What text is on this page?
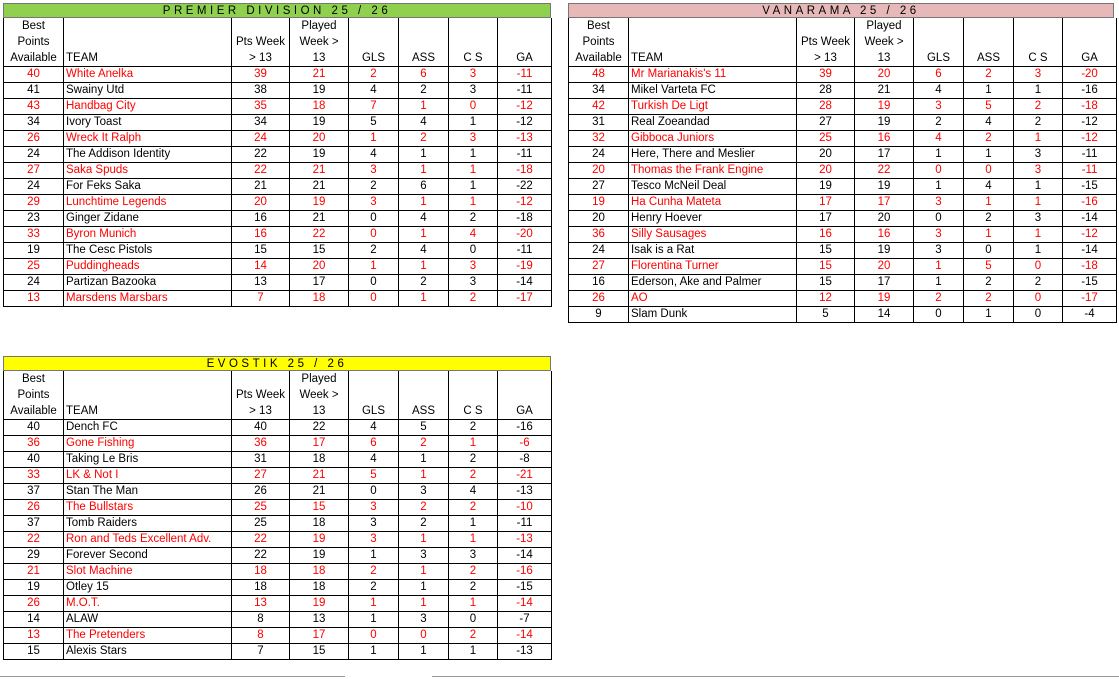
PREMIER DIVISION 25 / 26
Best			Played				
Points		Pts Week	Week >				
Available	TEAM	> 13	13	GLS	ASS	C S	GA
40	White Anelka	39	21	2	6	3	-11
41	Swainy Utd	38	19	4	2	3	-11
43	Handbag City	35	18	7	1	0	-12
34	Ivory Toast	34	19	5	4	1	-12
26	Wreck It Ralph	24	20	1	2	3	-13
24	The Addison Identity	22	19	4	1	1	-11
27	Saka Spuds	22	21	3	1	1	-18
24	For Feks Saka	21	21	2	6	1	-22
29	Lunchtime Legends	20	19	3	1	1	-12
23	Ginger Zidane	16	21	0	4	2	-18
33	Byron Munich	16	22	0	1	4	-20
19	The Cesc Pistols	15	15	2	4	0	-11
25	Puddingheads	14	20	1	1	3	-19
24	Partizan Bazooka	13	17	0	2	3	-14
13	Marsdens Marsbars	7	18	0	1	2	-17
VANARAMA 25 / 26
Best			Played				
Points		Pts Week	Week >				
Available	TEAM	> 13	13	GLS	ASS	C S	GA
48	Mr Marianakis's 11	39	20	6	2	3	-20
34	Mikel Varteta FC	28	21	4	1	1	-16
42	Turkish De Ligt	28	19	3	5	2	-18
31	Real Zoeandad	27	19	2	4	2	-12
32	Gibboca Juniors	25	16	4	2	1	-12
24	Here, There and Meslier	20	17	1	1	3	-11
20	Thomas the Frank Engine	20	22	0	0	3	-11
27	Tesco McNeil Deal	19	19	1	4	1	-15
19	Ha Cunha Mateta	17	17	3	1	1	-16
20	Henry Hoever	17	20	0	2	3	-14
36	Silly Sausages	16	16	3	1	1	-12
24	Isak is a Rat	15	19	3	0	1	-14
27	Florentina Turner	15	20	1	5	0	-18
16	Ederson, Ake and Palmer	15	17	1	2	2	-15
26	AO	12	19	2	2	0	-17
9	Slam Dunk	5	14	0	1	0	-4
EVOSTIK 25 / 26
Best			Played				
Points		Pts Week	Week >				
Available	TEAM	> 13	13	GLS	ASS	C S	GA
40	Dench FC	40	22	4	5	2	-16
36	Gone Fishing	36	17	6	2	1	-6
40	Taking Le Bris	31	18	4	1	2	-8
33	LK & Not I	27	21	5	1	2	-21
37	Stan The Man	26	21	0	3	4	-13
26	The Bullstars	25	15	3	2	2	-10
37	Tomb Raiders	25	18	3	2	1	-11
22	Ron and Teds Excellent Adv.	22	19	3	1	1	-13
29	Forever Second	22	19	1	3	3	-14
21	Slot Machine	18	18	2	1	2	-16
19	Otley 15	18	18	2	1	2	-15
26	M.O.T.	13	19	1	1	1	-14
14	ALAW	8	13	1	3	0	-7
13	The Pretenders	8	17	0	0	2	-14
15	Alexis Stars	7	15	1	1	1	-13
